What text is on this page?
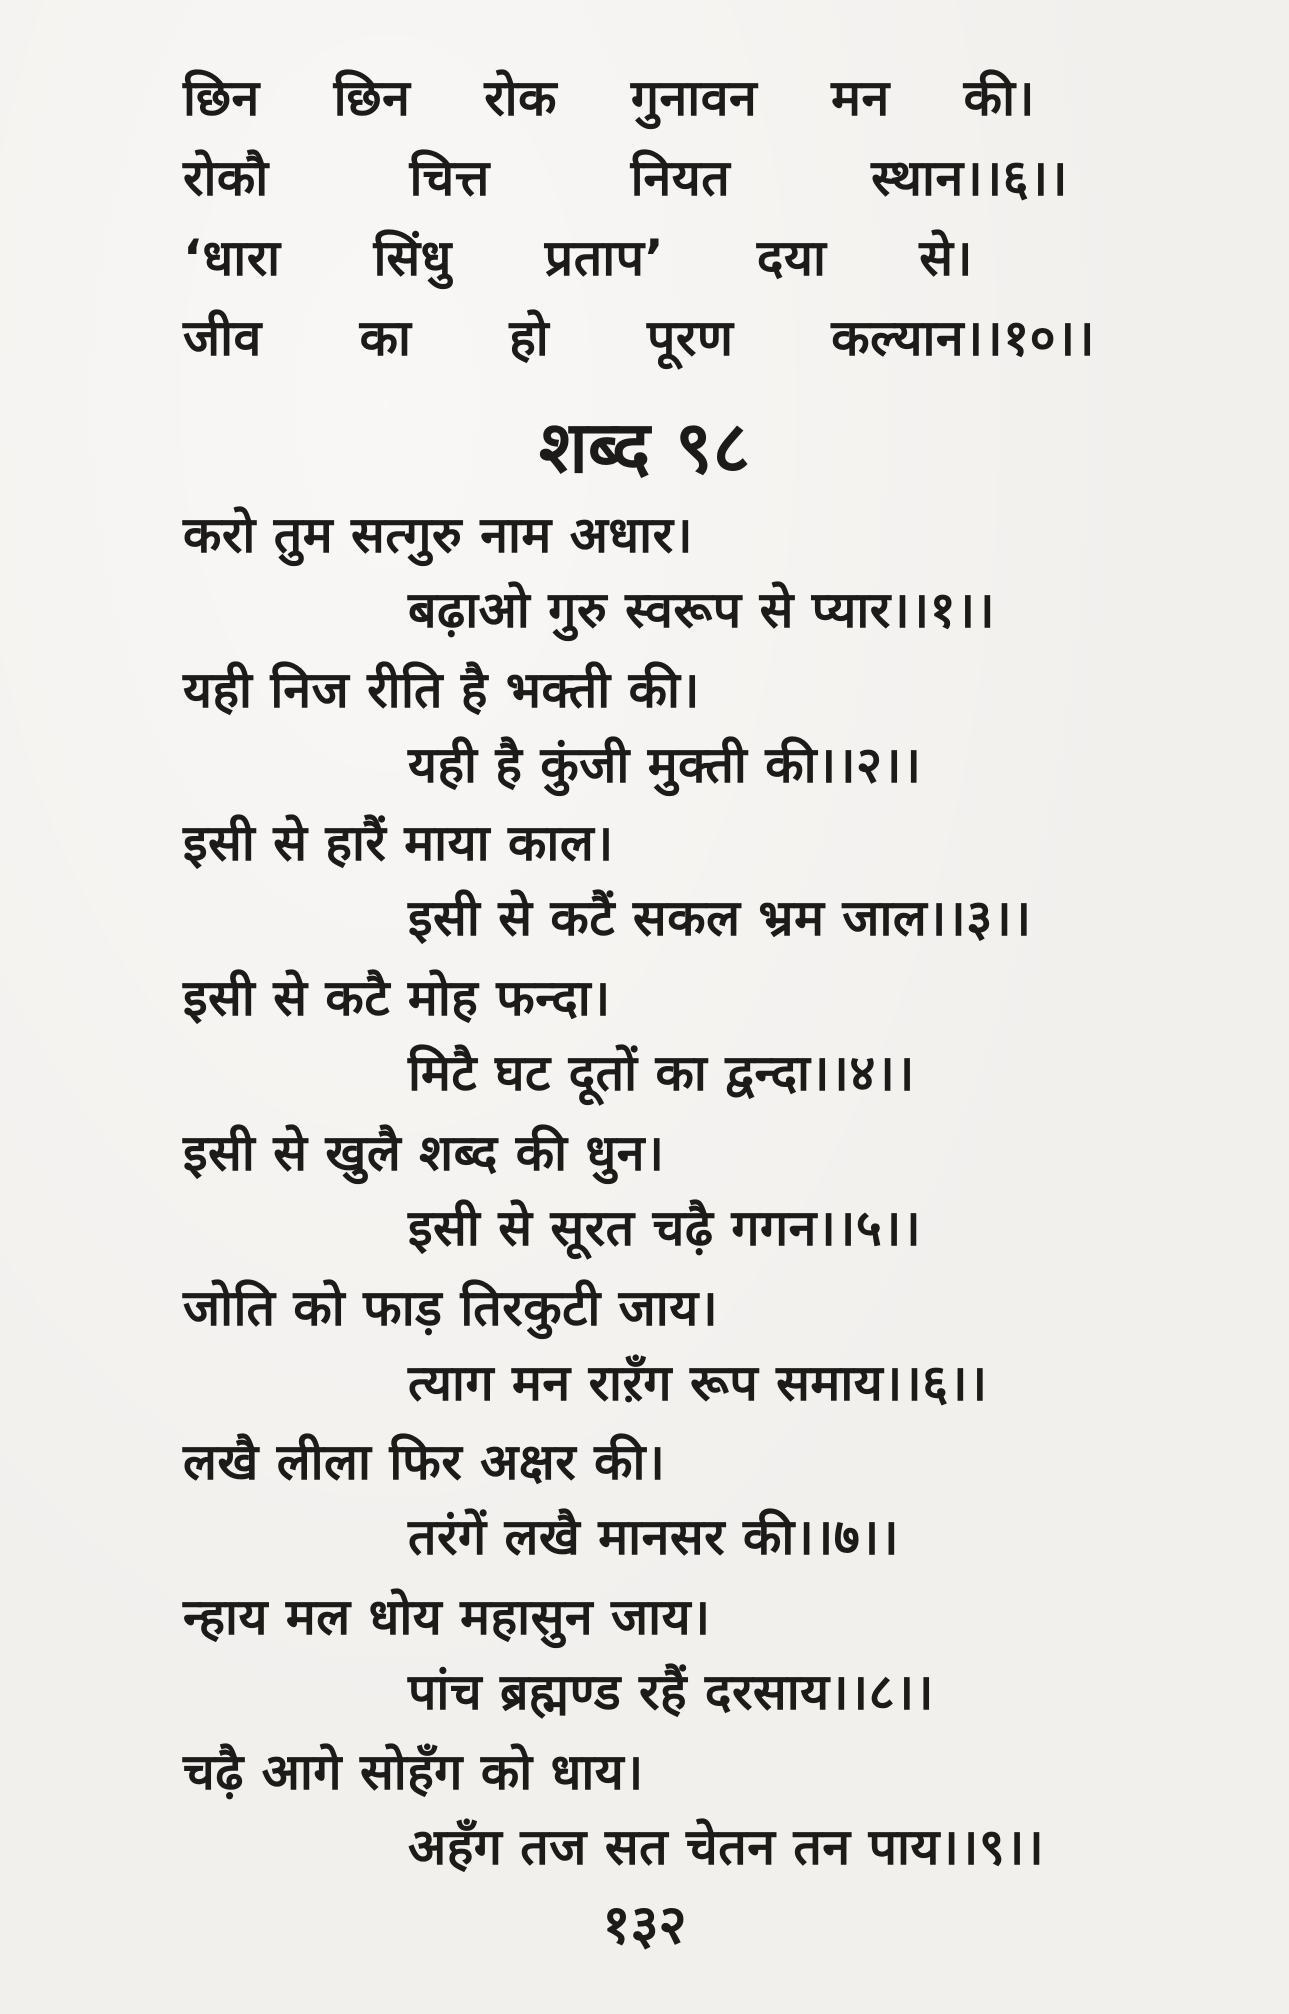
छिन छिन रोक गुनावन मन की।
रोकौ	चित्त	नियत	स्थान।।६।।
‘धारा सिंधु प्रताप’ दया से।
जीव का हो पूरण कल्यान।।१०।।
शब्द ९८
करो तुम सत्गुरु नाम अधार।
बढ़ाओ गुरु स्वरूप से प्यार।।१।।
यही निज रीति है भक्ती की।
यही है कुंजी मुक्ती की।।२।।
इसी से हारैं माया काल।
इसी से कटैं सकल भ्रम जाल।।३।।
इसी से कटै मोह फन्दा।
मिटै घट दूतों का द्वन्दा।।४।।
इसी से खुलै शब्द की धुन।
इसी से सूरत चढ़ै गगन।।५।।
जोति को फाड़ तिरकुटी जाय।
त्याग मन राऱँग रूप समाय।।६।।
लखै लीला फिर अक्षर की।
तरंगें लखै मानसर की।।७।।
न्हाय मल धोय महासुन जाय।
पांच ब्रह्मण्ड रहैं दरसाय।।८।।
चढ़ै आगे सोहँग को धाय।
अहँग तज सत चेतन तन पाय।।९।।
१३२
